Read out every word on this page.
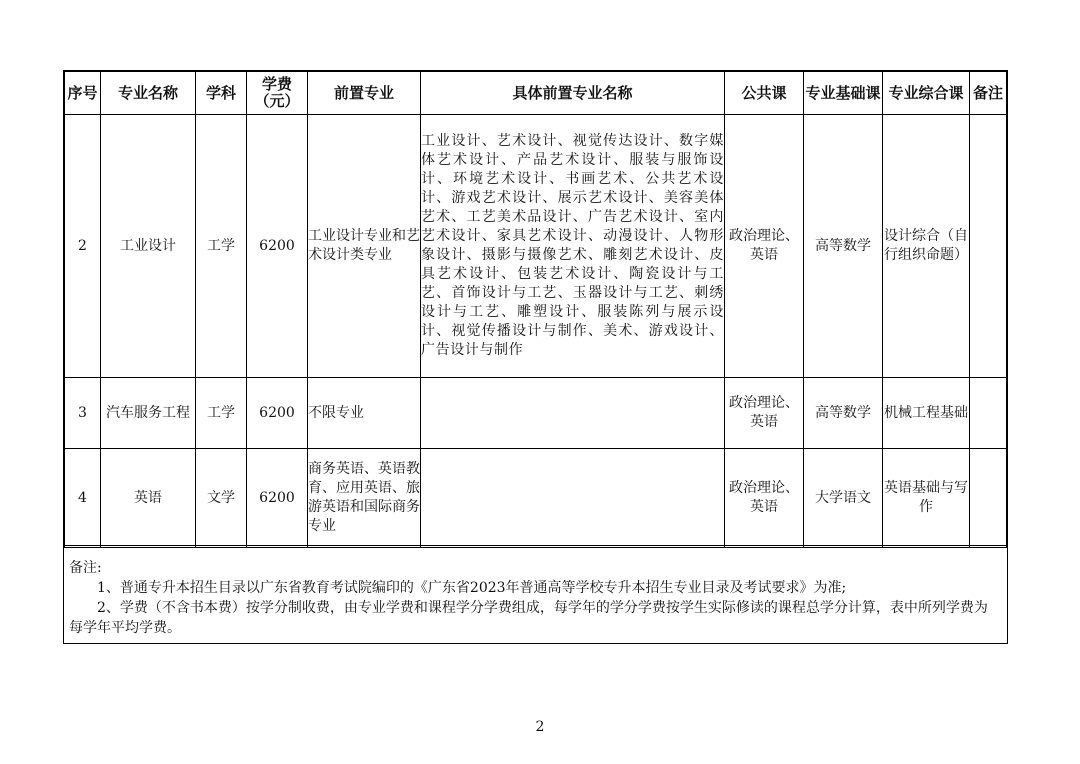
序号	专业名称	学科	学费（元）	前置专业	具体前置专业名称	公共课	专业基础课	专业综合课	备注
2	工业设计	工学	6200	工业设计专业和艺术设计类专业	工业设计、艺术设计、视觉传达设计、数字媒体艺术设计、产品艺术设计、服装与服饰设计、环境艺术设计、书画艺术、公共艺术设计、游戏艺术设计、展示艺术设计、美容美体艺术、工艺美术品设计、广告艺术设计、室内艺术设计、家具艺术设计、动漫设计、人物形象设计、摄影与摄像艺术、雕刻艺术设计、皮具艺术设计、包装艺术设计、陶瓷设计与工艺、首饰设计与工艺、玉器设计与工艺、刺绣设计与工艺、雕塑设计、服装陈列与展示设计、视觉传播设计与制作、美术、游戏设计、广告设计与制作	政治理论、英语	高等数学	设计综合（自行组织命题）	
3	汽车服务工程	工学	6200	不限专业		政治理论、英语	高等数学	机械工程基础	
4	英语	文学	6200	商务英语、英语教育、应用英语、旅游英语和国际商务专业		政治理论、英语	大学语文	英语基础与写作	

备注:

1、普通专升本招生目录以广东省教育考试院编印的《广东省2023年普通高等学校专升本招生专业目录及考试要求》为准;

2、学费（不含书本费）按学分制收费，由专业学费和课程学分学费组成，每学年的学分学费按学生实际修读的课程总学分计算，表中所列学费为每学年平均学费。

2
